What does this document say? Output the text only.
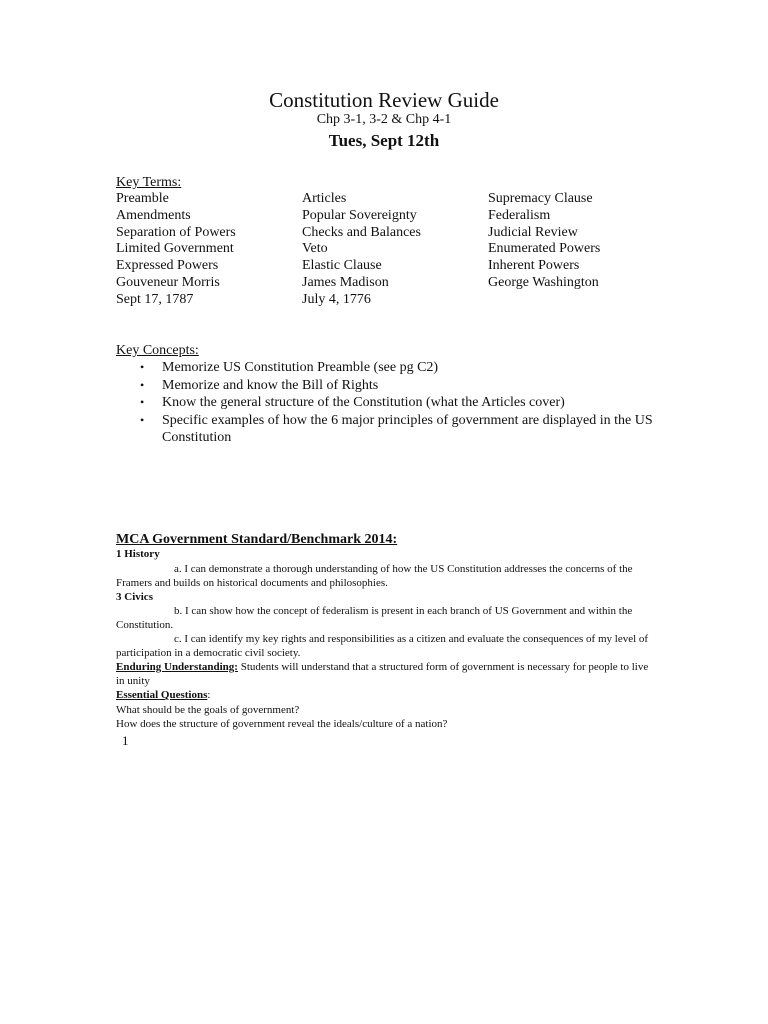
Constitution Review Guide
Chp 3-1, 3-2 & Chp 4-1
Tues, Sept 12th
Key Terms:
Preamble	Articles	Supremacy Clause
Amendments	Popular Sovereignty	Federalism
Separation of Powers	Checks and Balances	Judicial Review
Limited Government	Veto	Enumerated Powers
Expressed Powers	Elastic Clause	Inherent Powers
Gouveneur Morris	James Madison	George Washington
Sept 17, 1787	July 4, 1776
Key Concepts:
• Memorize US Constitution Preamble (see pg C2)
• Memorize and know the Bill of Rights
• Know the general structure of the Constitution (what the Articles cover)
• Specific examples of how the 6 major principles of government are displayed in the US Constitution
MCA Government Standard/Benchmark 2014:
1 History
a. I can demonstrate a thorough understanding of how the US Constitution addresses the concerns of the Framers and builds on historical documents and philosophies.
3 Civics
b. I can show how the concept of federalism is present in each branch of US Government and within the Constitution.
c. I can identify my key rights and responsibilities as a citizen and evaluate the consequences of my level of participation in a democratic civil society.
Enduring Understanding: Students will understand that a structured form of government is necessary for people to live in unity
Essential Questions:
What should be the goals of government?
How does the structure of government reveal the ideals/culture of a nation?
1
